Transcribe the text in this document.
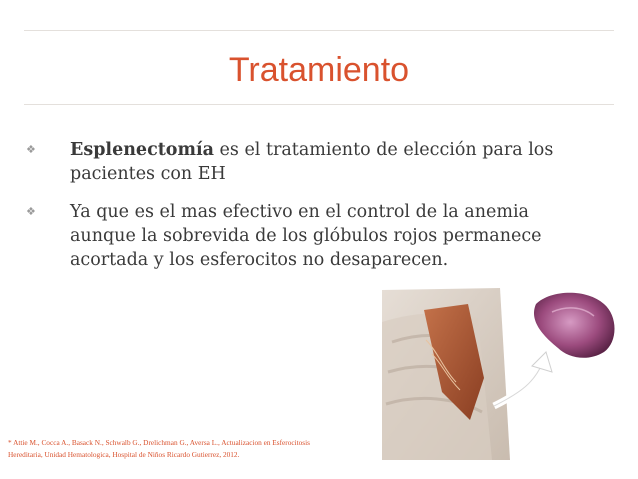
Tratamiento
❖ Esplenectomía es el tratamiento de elección para los pacientes con EH
❖ Ya que es el mas efectivo en el control de la anemia aunque la sobrevida de los glóbulos rojos permanece acortada y los esferocitos no desaparecen.
* Attie M., Cocca A., Basack N., Schwalb G., Drelichman G., Aversa L., Actualizacion en Esferocitosis
Hereditaria, Unidad Hematologica, Hospital de Niños Ricardo Gutierrez, 2012.
